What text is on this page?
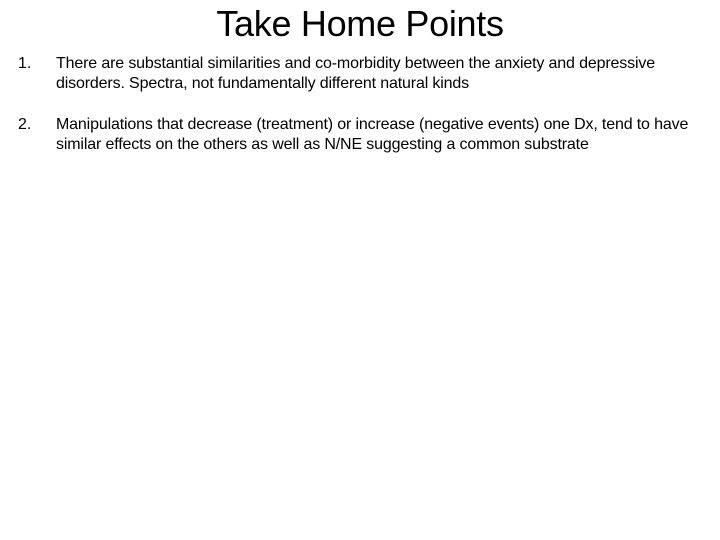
Take Home Points
1.	There are substantial similarities and co-morbidity between the anxiety and depressive disorders. Spectra, not fundamentally different natural kinds
2.	Manipulations that decrease (treatment) or increase (negative events) one Dx, tend to have similar effects on the others as well as N/NE suggesting a common substrate
